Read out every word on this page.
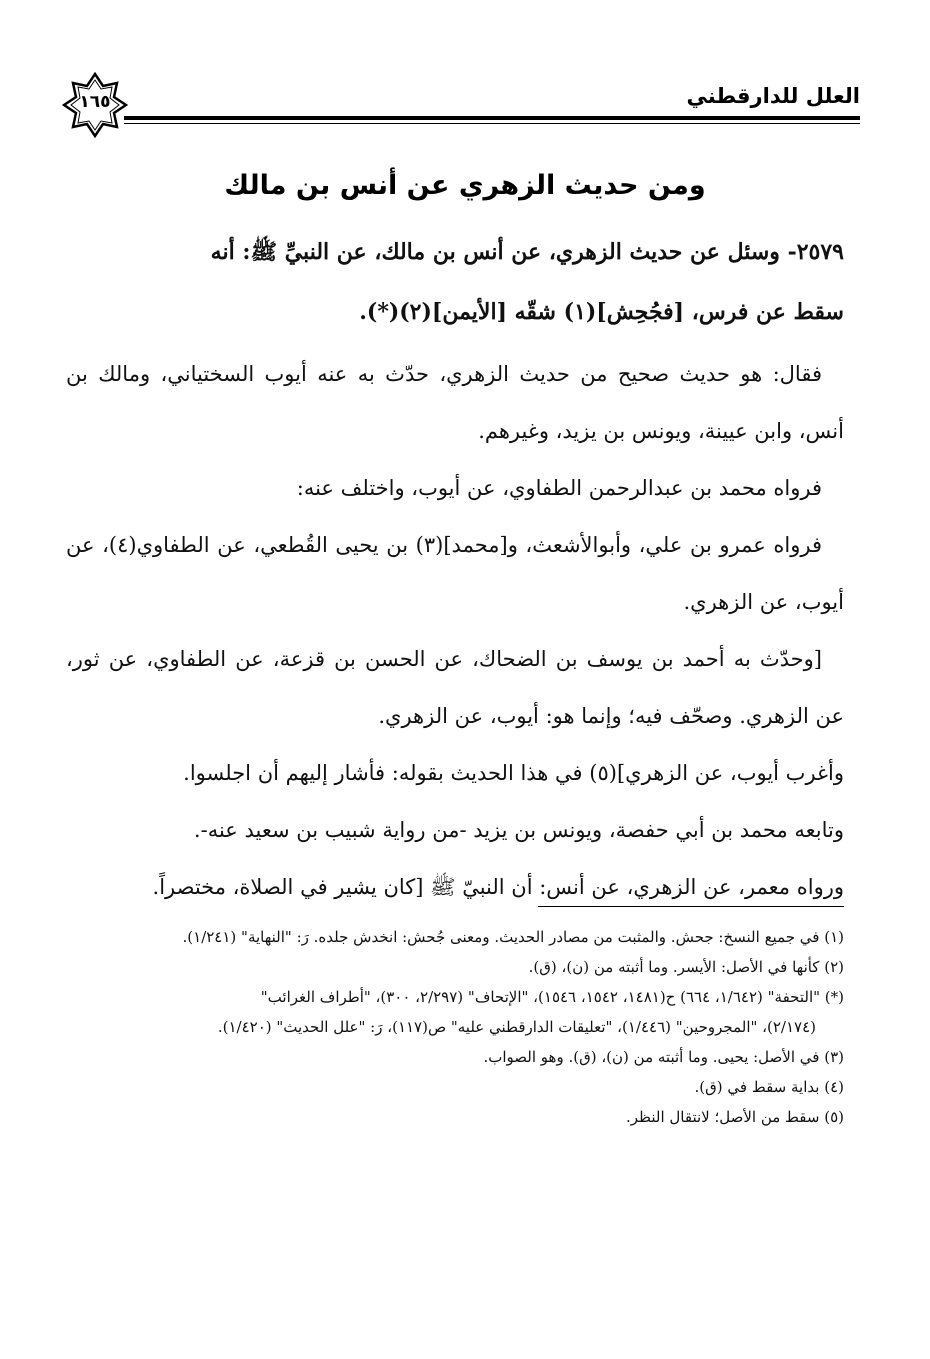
العلل للدارقطني
١٦٥
ومن حديث الزهري عن أنس بن مالك

٢٥٧٩- وسئل عن حديث الزهري، عن أنس بن مالك، عن النبيِّ ﷺ: أنه

سقط عن فرس، [فجُحِش](١) شقّه [الأيمن](٢)(*).

فقال: هو حديث صحيح من حديث الزهري، حدّث به عنه أيوب السختياني، ومالك بن أنس، وابن عيينة، ويونس بن يزيد، وغيرهم.

فرواه محمد بن عبدالرحمن الطفاوي، عن أيوب، واختلف عنه:

فرواه عمرو بن علي، وأبوالأشعث، و[محمد](٣) بن يحيى القُطعي، عن الطفاوي(٤)، عن أيوب، عن الزهري.

[وحدّث به أحمد بن يوسف بن الضحاك، عن الحسن بن قزعة، عن الطفاوي، عن ثور، عن الزهري. وصحّف فيه؛ وإنما هو: أيوب، عن الزهري.

وأغرب أيوب، عن الزهري](٥) في هذا الحديث بقوله: فأشار إليهم أن اجلسوا.

وتابعه محمد بن أبي حفصة، ويونس بن يزيد -من رواية شبيب بن سعيد عنه-.

ورواه معمر، عن الزهري، عن أنس: أن النبيّ ﷺ [كان يشير في الصلاة، مختصراً.

(١) في جميع النسخ: جحش. والمثبت من مصادر الحديث. ومعنى جُحش: انخدش جلده. رَ: "النهاية" (١/٢٤١).

(٢) كأنها في الأصل: الأيسر. وما أثبته من (ن)، (ق).

(*) "التحفة" (١/٦٤٢، ٦٦٤) ح(١٤٨١، ١٥٤٢، ١٥٤٦)، "الإتحاف" (٢/٢٩٧، ٣٠٠)، "أطراف الغرائب"

(٢/١٧٤)، "المجروحين" (١/٤٤٦)، "تعليقات الدارقطني عليه" ص(١١٧)، رَ: "علل الحديث" (١/٤٢٠).

(٣) في الأصل: يحيى. وما أثبته من (ن)، (ق). وهو الصواب.

(٤) بداية سقط في (ق).

(٥) سقط من الأصل؛ لانتقال النظر.
